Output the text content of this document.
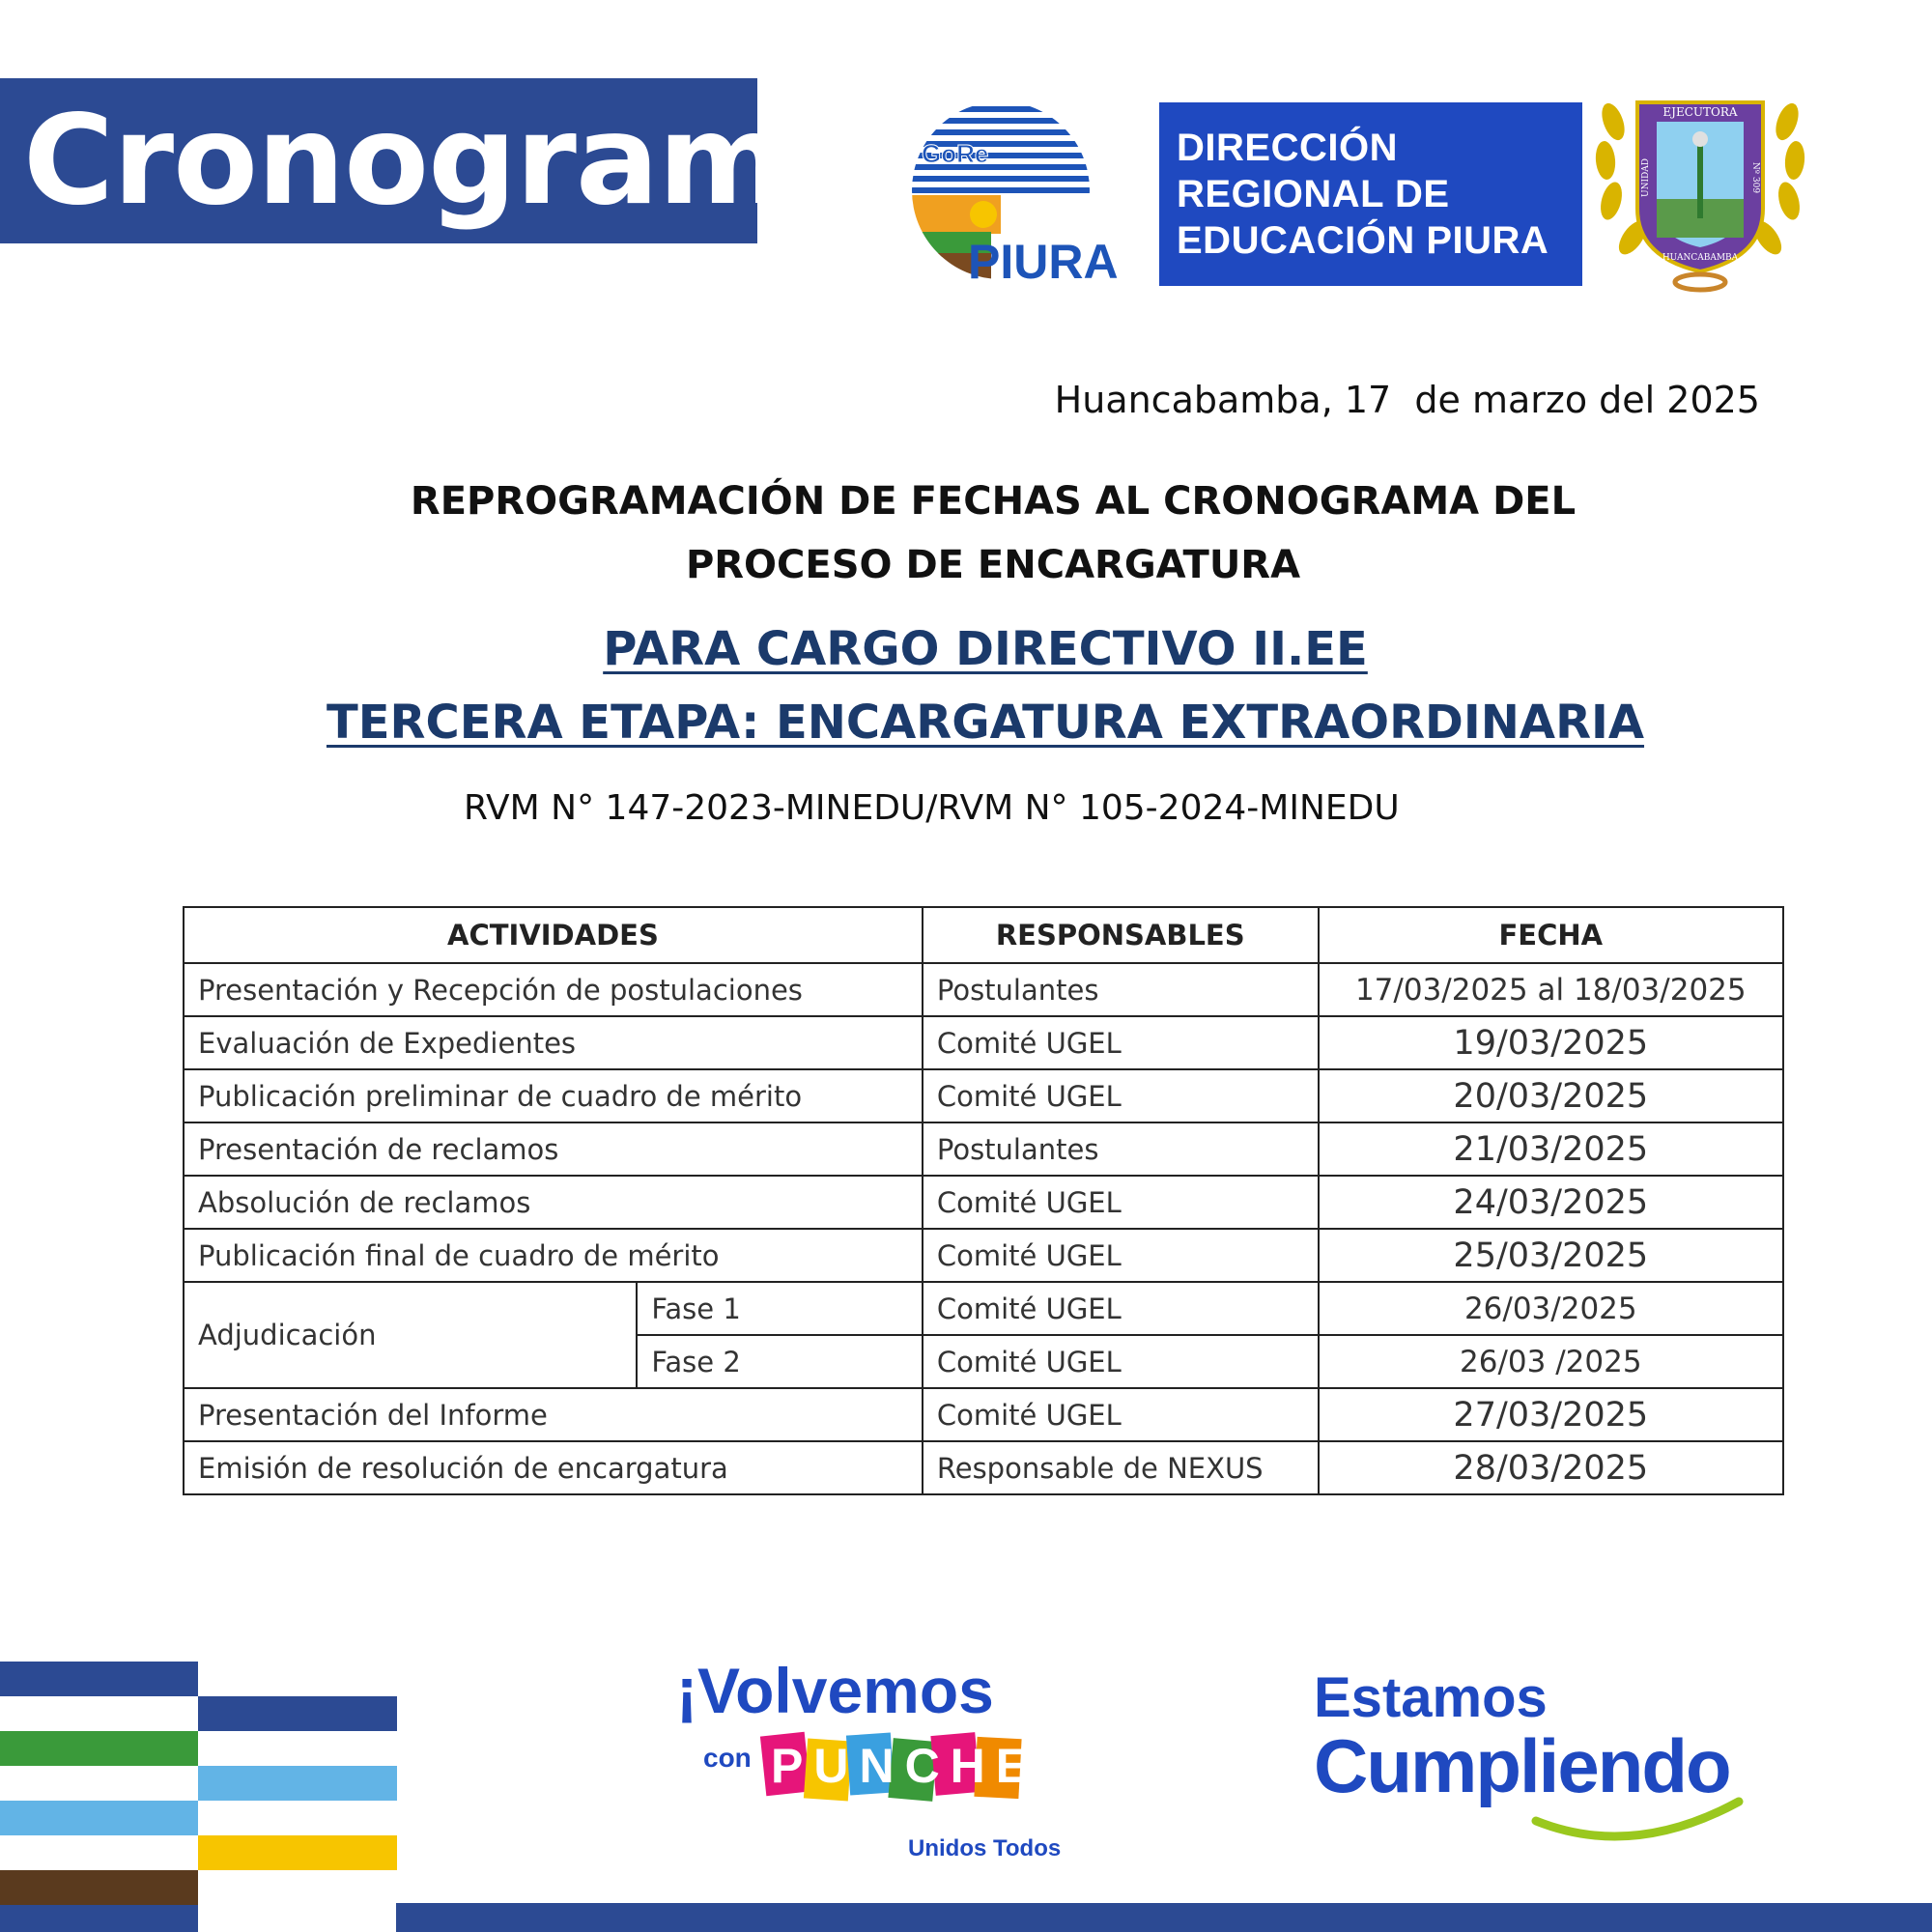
Cronograma GoRe
PIURA
DIRECCIÓN
REGIONAL DE
EDUCACIÓN PIURA
EJECUTORA
UNIDAD	Nº 309
HUANCABAMBA
Huancabamba, 17  de marzo del 2025
REPROGRAMACIÓN DE FECHAS AL CRONOGRAMA DEL
PROCESO DE ENCARGATURA
PARA CARGO DIRECTIVO II.EE
TERCERA ETAPA: ENCARGATURA EXTRAORDINARIA
RVM N° 147-2023-MINEDU/RVM N° 105-2024-MINEDU
ACTIVIDADES		RESPONSABLES	FECHA
Presentación y Recepción de postulaciones		Postulantes	17/03/2025 al 18/03/2025
Evaluación de Expedientes		Comité UGEL	19/03/2025
Publicación preliminar de cuadro de mérito		Comité UGEL	20/03/2025
Presentación de reclamos		Postulantes	21/03/2025
Absolución de reclamos		Comité UGEL	24/03/2025
Publicación final de cuadro de mérito		Comité UGEL	25/03/2025
Adjudicación	Fase 1	Comité UGEL	26/03/2025
	Fase 2	Comité UGEL	26/03 /2025
Presentación del Informe		Comité UGEL	27/03/2025
Emisión de resolución de encargatura		Responsable de NEXUS	28/03/2025
¡Volvemos
con PUNCHE!
Unidos Todos
Estamos
Cumpliendo
